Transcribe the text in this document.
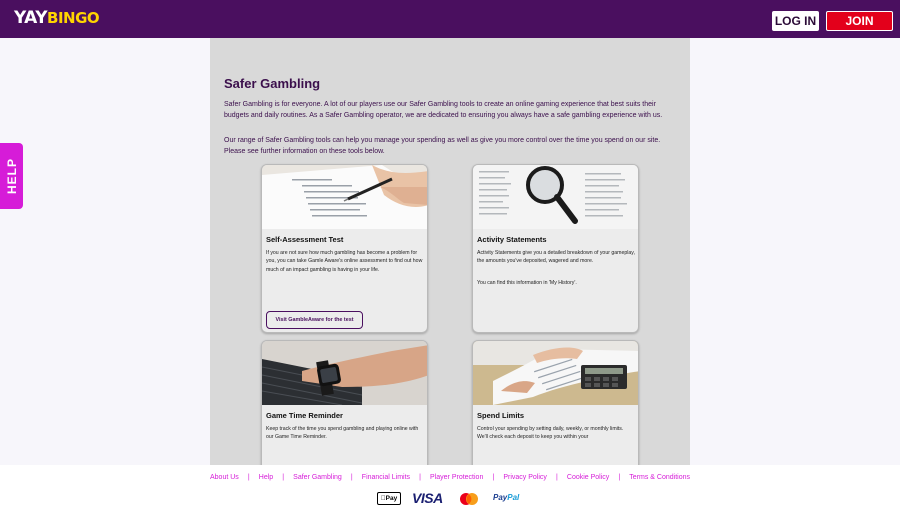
YAYBINGO	LOG IN	JOIN
HELP
Safer Gambling

Safer Gambling is for everyone. A lot of our players use our Safer Gambling tools to create an online gaming experience that best suits their budgets and daily routines. As a Safer Gambling operator, we are dedicated to ensuring you always have a safe gambling experience with us.

Our range of Safer Gambling tools can help you manage your spending as well as give you more control over the time you spend on our site. Please see further information on these tools below.

Self-Assessment Test
If you are not sure how much gambling has become a problem for you, you can take Gamle Aware's online assessment to find out how much of an impact gambling is having in your life.
Visit GambleAware for the test
Activity Statements
Activity Statements give you a detailed breakdown of your gameplay, the amounts you've deposited, wagered and more.
You can find this information in 'My History'.
Game Time Reminder
Keep track of the time you spend gambling and playing online with our Game Time Reminder.
Spend Limits
Control your spending by setting daily, weekly, or monthly limits. We'll check each deposit to keep you within your
About Us | Help | Safer Gambling | Financial Limits | Player Protection | Privacy Policy | Cookie Policy | Terms & Conditions
Pay	VISA	PayPal
